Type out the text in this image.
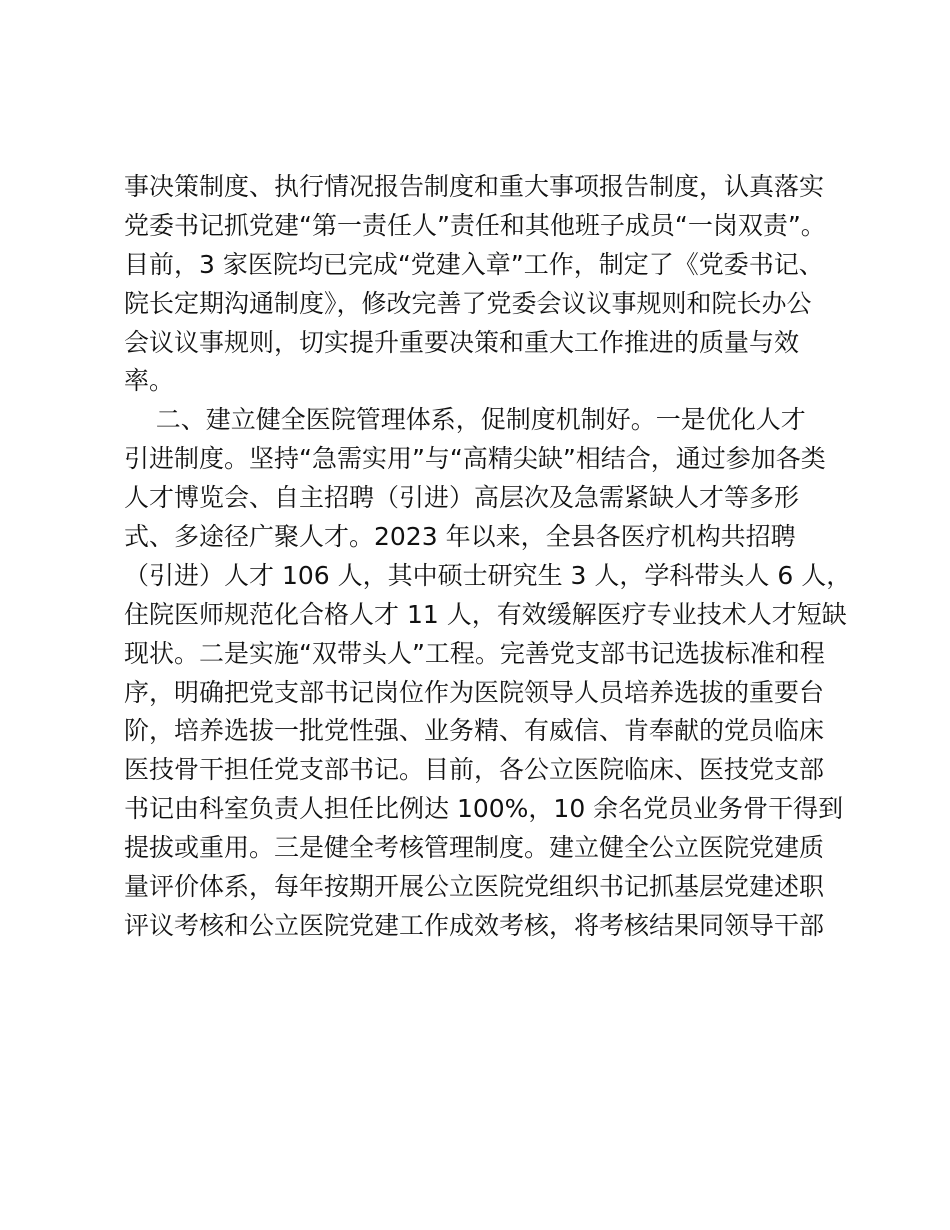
事决策制度、执行情况报告制度和重大事项报告制度，认真落实
党委书记抓党建“第一责任人”责任和其他班子成员“一岗双责”。
目前，3 家医院均已完成“党建入章”工作，制定了《党委书记、
院长定期沟通制度》，修改完善了党委会议议事规则和院长办公
会议议事规则，切实提升重要决策和重大工作推进的质量与效
率。
二、建立健全医院管理体系，促制度机制好。一是优化人才
引进制度。坚持“急需实用”与“高精尖缺”相结合，通过参加各类
人才博览会、自主招聘（引进）高层次及急需紧缺人才等多形
式、多途径广聚人才。2023 年以来，全县各医疗机构共招聘
（引进）人才 106 人，其中硕士研究生 3 人，学科带头人 6 人，
住院医师规范化合格人才 11 人，有效缓解医疗专业技术人才短缺
现状。二是实施“双带头人”工程。完善党支部书记选拔标准和程
序，明确把党支部书记岗位作为医院领导人员培养选拔的重要台
阶，培养选拔一批党性强、业务精、有威信、肯奉献的党员临床
医技骨干担任党支部书记。目前，各公立医院临床、医技党支部
书记由科室负责人担任比例达 100%，10 余名党员业务骨干得到
提拔或重用。三是健全考核管理制度。建立健全公立医院党建质
量评价体系，每年按期开展公立医院党组织书记抓基层党建述职
评议考核和公立医院党建工作成效考核，将考核结果同领导干部
